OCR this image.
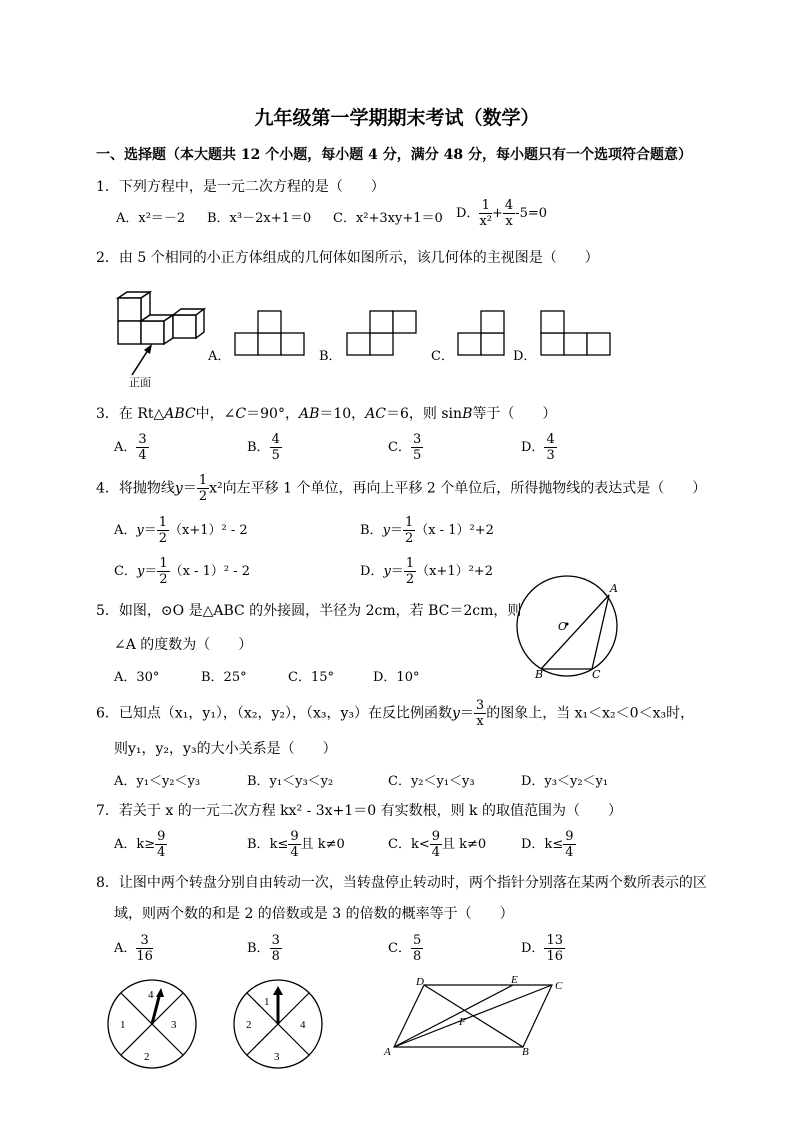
九年级第一学期期末考试（数学）
一、选择题（本大题共 12 个小题，每小题 4 分，满分 48 分，每小题只有一个选项符合题意）
1．下列方程中，是一元二次方程的是（　　）
A．x²＝－2 B．x³－2x+1＝0 C．x²+3xy+1＝0 D． $\frac{1}{\text{x²}} + \frac{4}{x} -5=0$
2．由 5 个相同的小正方体组成的几何体如图所示，该几何体的主视图是（　　）
正面
A．	B．	C．	D．
3．在 Rt△ABC中，∠C＝90°，AB＝10，AC＝6，则 sinB等于（　　）
A． $\frac{3}{4}$	B． $\frac{4}{5}$	C． $\frac{3}{5}$	D． $\frac{4}{3}$
4．将抛物线$y= \frac{1}{2} x^2$向左平移 1 个单位，再向上平移 2 个单位后，所得抛物线的表达式是（　　）
A．$y= \frac{1}{2} (x+1)^2 - 2$	B．$y= \frac{1}{2} (x - 1)^2+2$
C．$y= \frac{1}{2} (x - 1)^2 - 2$	D．$y= \frac{1}{2} (x+1)^2+2$
5．如图，⊙O 是△ABC 的外接圆，半径为 2cm，若 BC＝2cm，则
∠A 的度数为（　　）
A．30°	B．25°	C．15°	D．10°
A
B	C
O
6．已知点（x₁，y₁），（x₂，y₂），（x₃，y₃）在反比例函数$y= \frac{3}{x}$ 的图象上，当 x₁＜x₂＜0＜x₃时，
则y₁，y₂，y₃的大小关系是（　　）
A．y₁＜y₂＜y₃	B．y₁＜y₃＜y₂	C．y₂＜y₁＜y₃	D．y₃＜y₂＜y₁
7．若关于 x 的一元二次方程 kx² - 3x+1＝0 有实数根，则 k 的取值范围为（　　）
A．$k\ge \frac{9}{4}$	B．$k\le \frac{9}{4}$ 且 k≠0	C．$k< \frac{9}{4}$ 且 k≠0	D．$k\le \frac{9}{4}$
8．让图中两个转盘分别自由转动一次，当转盘停止转动时，两个指针分别落在某两个数所表示的区
域，则两个数的和是 2 的倍数或是 3 的倍数的概率等于（　　）
A． $\frac{3}{16}$	B． $\frac{3}{8}$	C． $\frac{5}{8}$	D． $\frac{13}{16}$
4
1	3
2
1
2	4
3
D	E	C
F
A	B
